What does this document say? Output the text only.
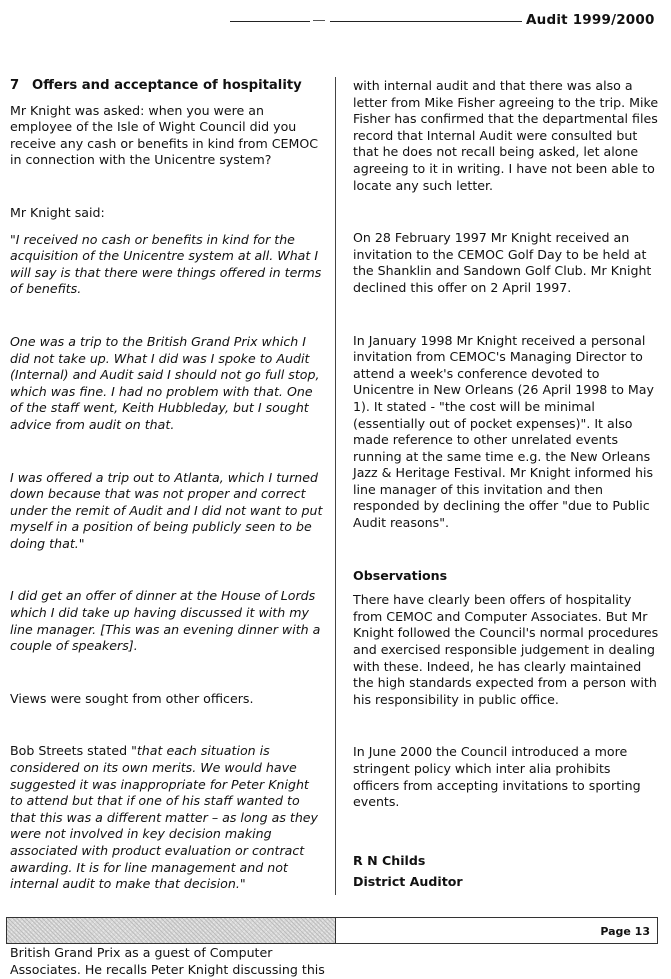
Audit 1999/2000

7 Offers and acceptance of hospitality

Mr Knight was asked: when you were an employee of the Isle of Wight Council did you receive any cash or benefits in kind from CEMOC in connection with the Unicentre system?

Mr Knight said:

"I received no cash or benefits in kind for the acquisition of the Unicentre system at all. What I will say is that there were things offered in terms of benefits.

One was a trip to the British Grand Prix which I did not take up. What I did was I spoke to Audit (Internal) and Audit said I should not go full stop, which was fine. I had no problem with that. One of the staff went, Keith Hubbleday, but I sought advice from audit on that.

I was offered a trip out to Atlanta, which I turned down because that was not proper and correct under the remit of Audit and I did not want to put myself in a position of being publicly seen to be doing that."

I did get an offer of dinner at the House of Lords which I did take up having discussed it with my line manager. [This was an evening dinner with a couple of speakers].

Views were sought from other officers.

Bob Streets stated "that each situation is considered on its own merits. We would have suggested it was inappropriate for Peter Knight to attend but that if one of his staff wanted to that this was a different matter – as long as they were not involved in key decision making associated with product evaluation or contract awarding. It is for line management and not internal audit to make that decision."

British Grand Prix as a guest of Computer Associates. He recalls Peter Knight discussing this

with internal audit and that there was also a letter from Mike Fisher agreeing to the trip. Mike Fisher has confirmed that the departmental files record that Internal Audit were consulted but that he does not recall being asked, let alone agreeing to it in writing. I have not been able to locate any such letter.

On 28 February 1997 Mr Knight received an invitation to the CEMOC Golf Day to be held at the Shanklin and Sandown Golf Club. Mr Knight declined this offer on 2 April 1997.

In January 1998 Mr Knight received a personal invitation from CEMOC's Managing Director to attend a week's conference devoted to Unicentre in New Orleans (26 April 1998 to May 1). It stated - "the cost will be minimal (essentially out of pocket expenses)". It also made reference to other unrelated events running at the same time e.g. the New Orleans Jazz & Heritage Festival. Mr Knight informed his line manager of this invitation and then responded by declining the offer "due to Public Audit reasons".

Observations

There have clearly been offers of hospitality from CEMOC and Computer Associates. But Mr Knight followed the Council's normal procedures and exercised responsible judgement in dealing with these. Indeed, he has clearly maintained the high standards expected from a person with his responsibility in public office.

In June 2000 the Council introduced a more stringent policy which inter alia prohibits officers from accepting invitations to sporting events.

R N Childs
District Auditor
Page 13
